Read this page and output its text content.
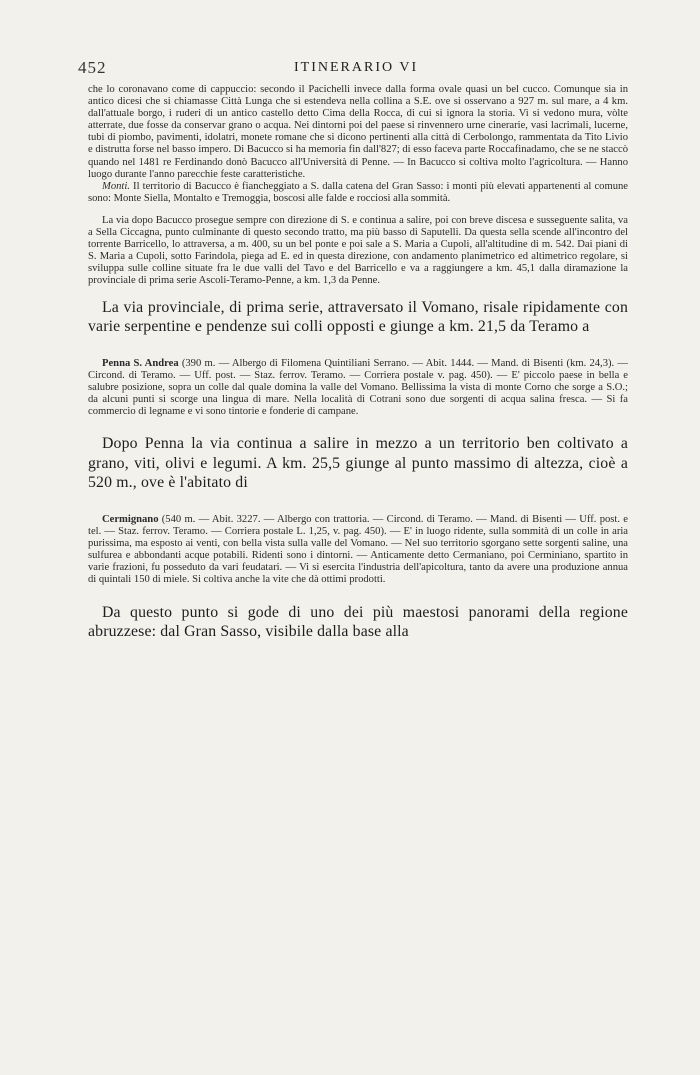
452	ITINERARIO VI

che lo coronavano come di cappuccio: secondo il Pacichelli invece dalla forma ovale quasi un bel cucco. Comunque sia in antico dicesi che si chiamasse Città Lunga che si estendeva nella collina a S.E. ove si osservano a 927 m. sul mare, a 4 km. dall'attuale borgo, i ruderi di un antico castello detto Cima della Rocca, di cui si ignora la storia. Vi si vedono mura, vòlte atterrate, due fosse da conservar grano o acqua. Nei dintorni poi del paese si rinvennero urne cinerarie, vasi lacrimali, lucerne, tubi di piombo, pavimenti, idolatri, monete romane che si dicono pertinenti alla città di Cerbolongo, rammentata da Tito Livio e distrutta forse nel basso impero. Di Bacucco si ha memoria fin dall'827; di esso faceva parte Roccafinadamo, che se ne staccò quando nel 1481 re Ferdinando donò Bacucco all'Università di Penne. — In Bacucco si coltiva molto l'agricoltura. — Hanno luogo durante l'anno parecchie feste caratteristiche.

Monti. Il territorio di Bacucco è fiancheggiato a S. dalla catena del Gran Sasso: i monti più elevati appartenenti al comune sono: Monte Siella, Montalto e Tremoggia, boscosi alle falde e rocciosi alla sommità.

La via dopo Bacucco prosegue sempre con direzione di S. e continua a salire, poi con breve discesa e susseguente salita, va a Sella Ciccagna, punto culminante di questo secondo tratto, ma più basso di Saputelli. Da questa sella scende all'incontro del torrente Barricello, lo attraversa, a m. 400, su un bel ponte e poi sale a S. Maria a Cupoli, all'altitudine di m. 542. Dai piani di S. Maria a Cupoli, sotto Farindola, piega ad E. ed in questa direzione, con andamento planimetrico ed altimetrico regolare, si sviluppa sulle colline situate fra le due valli del Tavo e del Barricello e va a raggiungere a km. 45,1 dalla diramazione la provinciale di prima serie Ascoli-Teramo-Penne, a km. 1,3 da Penne.

La via provinciale, di prima serie, attraversato il Vomano, risale ripidamente con varie serpentine e pendenze sui colli opposti e giunge a km. 21,5 da Teramo a

Penna S. Andrea (390 m. — Albergo di Filomena Quintiliani Serrano. — Abit. 1444. — Mand. di Bisenti (km. 24,3). — Circond. di Teramo. — Uff. post. — Staz. ferrov. Teramo. — Corriera postale v. pag. 450). — E' piccolo paese in bella e salubre posizione, sopra un colle dal quale domina la valle del Vomano. Bellissima la vista di monte Corno che sorge a S.O.; da alcuni punti si scorge una lingua di mare. Nella località di Cotrani sono due sorgenti di acqua salina fresca. — Si fa commercio di legname e vi sono tintorie e fonderie di campane.

Dopo Penna la via continua a salire in mezzo a un territorio ben coltivato a grano, viti, olivi e legumi. A km. 25,5 giunge al punto massimo di altezza, cioè a 520 m., ove è l'abitato di

Cermignano (540 m. — Abit. 3227. — Albergo con trattoria. — Circond. di Teramo. — Mand. di Bisenti — Uff. post. e tel. — Staz. ferrov. Teramo. — Corriera postale L. 1,25, v. pag. 450). — E' in luogo ridente, sulla sommità di un colle in aria purissima, ma esposto ai venti, con bella vista sulla valle del Vomano. — Nel suo territorio sgorgano sette sorgenti saline, una sulfurea e abbondanti acque potabili. Ridenti sono i dintorni. — Anticamente detto Cermaniano, poi Cerminiano, spartito in varie frazioni, fu posseduto da vari feudatari. — Vi si esercita l'industria dell'apicoltura, tanto da avere una produzione annua di quintali 150 di miele. Si coltiva anche la vite che dà ottimi prodotti.

Da questo punto si gode di uno dei più maestosi panorami della regione abruzzese: dal Gran Sasso, visibile dalla base alla
